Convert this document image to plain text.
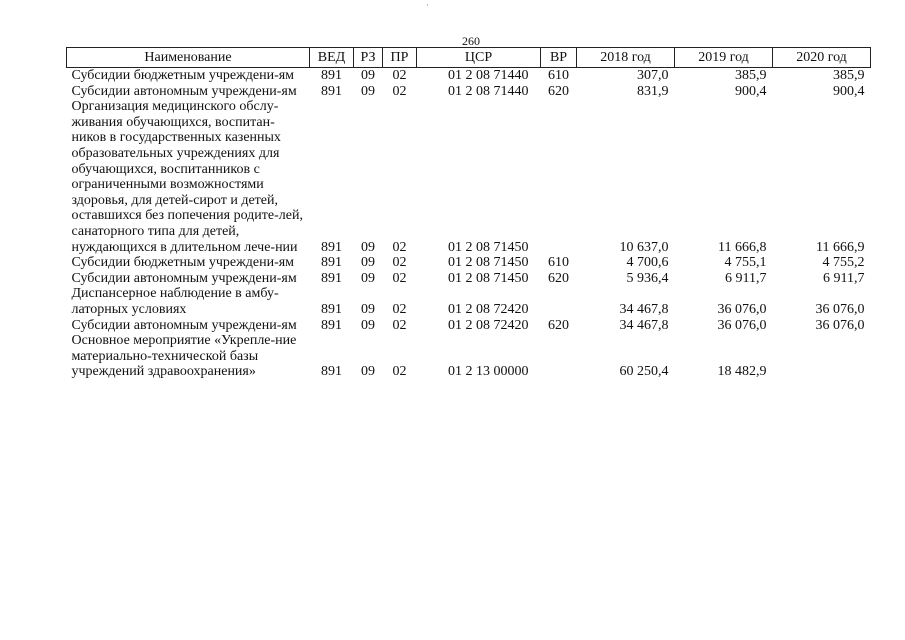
·
260
Наименование	ВЕД	РЗ	ПР	ЦСР	ВР	2018 год	2019 год	2020 год
Субсидии бюджетным учреждени-ям	891	09	02	01 2 08 71440	610	307,0	385,9	385,9
Субсидии автономным учреждени-ям	891	09	02	01 2 08 71440	620	831,9	900,4	900,4
Организация медицинского обслу-живания обучающихся, воспитан-ников в государственных казенных образовательных учреждениях для обучающихся, воспитанников с ограниченными возможностями здоровья, для детей-сирот и детей, оставшихся без попечения родите-лей, санаторного типа для детей, нуждающихся в длительном лече-нии	891	09	02	01 2 08 71450		10 637,0	11 666,8	11 666,9
Субсидии бюджетным учреждени-ям	891	09	02	01 2 08 71450	610	4 700,6	4 755,1	4 755,2
Субсидии автономным учреждени-ям	891	09	02	01 2 08 71450	620	5 936,4	6 911,7	6 911,7
Диспансерное наблюдение в амбу-латорных условиях	891	09	02	01 2 08 72420		34 467,8	36 076,0	36 076,0
Субсидии автономным учреждени-ям	891	09	02	01 2 08 72420	620	34 467,8	36 076,0	36 076,0
Основное мероприятие «Укрепле-ние материально-технической базы учреждений здравоохранения»	891	09	02	01 2 13 00000		60 250,4	18 482,9	
